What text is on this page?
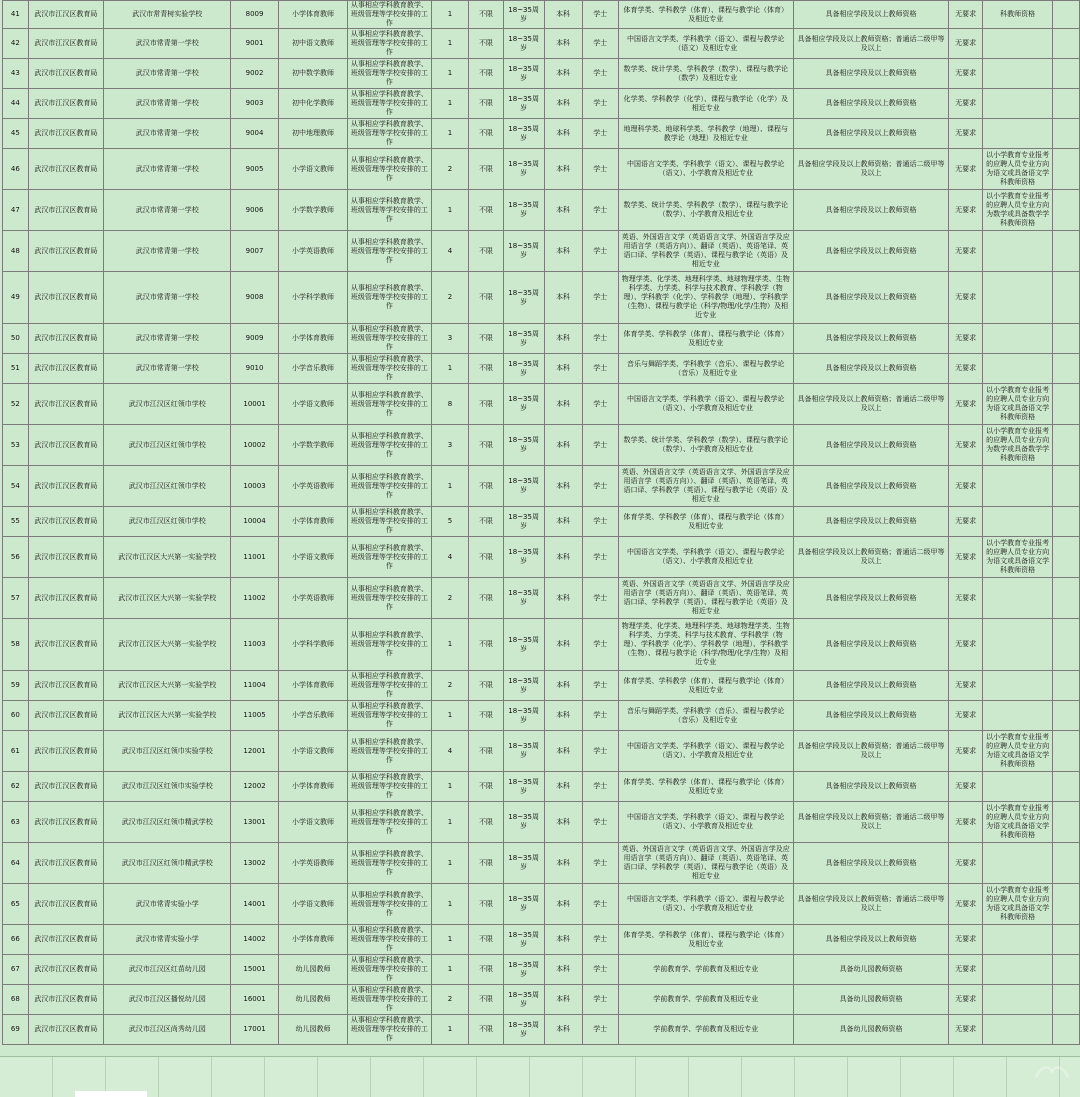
41	武汉市江汉区教育局	武汉市常青树实验学校	8009	小学体育教师	从事相应学科教育教学、班级管理等学校安排的工作	1	不限	18~35周岁	本科	学士	体育学类、学科教学（体育）、课程与教学论（体育）及相近专业	具备相应学段及以上教师资格	无要求	科教师资格	
42	武汉市江汉区教育局	武汉市常青第一学校	9001	初中语文教师	从事相应学科教育教学、班级管理等学校安排的工作	1	不限	18~35周岁	本科	学士	中国语言文学类、学科教学（语文）、课程与教学论（语文）及相近专业	具备相应学段及以上教师资格；普通话二级甲等及以上	无要求		
43	武汉市江汉区教育局	武汉市常青第一学校	9002	初中数学教师	从事相应学科教育教学、班级管理等学校安排的工作	1	不限	18~35周岁	本科	学士	数学类、统计学类、学科教学（数学）、课程与教学论（数学）及相近专业	具备相应学段及以上教师资格	无要求		
44	武汉市江汉区教育局	武汉市常青第一学校	9003	初中化学教师	从事相应学科教育教学、班级管理等学校安排的工作	1	不限	18~35周岁	本科	学士	化学类、学科教学（化学）、课程与教学论（化学）及相近专业	具备相应学段及以上教师资格	无要求		
45	武汉市江汉区教育局	武汉市常青第一学校	9004	初中地理教师	从事相应学科教育教学、班级管理等学校安排的工作	1	不限	18~35周岁	本科	学士	地理科学类、地球科学类、学科教学（地理）、课程与教学论（地理）及相近专业	具备相应学段及以上教师资格	无要求		
46	武汉市江汉区教育局	武汉市常青第一学校	9005	小学语文教师	从事相应学科教育教学、班级管理等学校安排的工作	2	不限	18~35周岁	本科	学士	中国语言文学类、学科教学（语文）、课程与教学论（语文）、小学教育及相近专业	具备相应学段及以上教师资格；普通话二级甲等及以上	无要求	以小学教育专业报考的应聘人员专业方向为语文或具备语文学科教师资格	
47	武汉市江汉区教育局	武汉市常青第一学校	9006	小学数学教师	从事相应学科教育教学、班级管理等学校安排的工作	1	不限	18~35周岁	本科	学士	数学类、统计学类、学科教学（数学）、课程与教学论（数学）、小学教育及相近专业	具备相应学段及以上教师资格	无要求	以小学教育专业报考的应聘人员专业方向为数学或具备数学学科教师资格	
48	武汉市江汉区教育局	武汉市常青第一学校	9007	小学英语教师	从事相应学科教育教学、班级管理等学校安排的工作	4	不限	18~35周岁	本科	学士	英语、外国语言文学（英语语言文学、外国语言学及应用语言学（英语方向））、翻译（英语）、英语笔译、英语口译、学科教学（英语）、课程与教学论（英语）及相近专业	具备相应学段及以上教师资格	无要求		
49	武汉市江汉区教育局	武汉市常青第一学校	9008	小学科学教师	从事相应学科教育教学、班级管理等学校安排的工作	2	不限	18~35周岁	本科	学士	物理学类、化学类、地理科学类、地球物理学类、生物科学类、力学类、科学与技术教育、学科教学（物理）、学科教学（化学）、学科教学（地理）、学科教学（生物）、课程与教学论（科学/物理/化学/生物）及相近专业	具备相应学段及以上教师资格	无要求		
50	武汉市江汉区教育局	武汉市常青第一学校	9009	小学体育教师	从事相应学科教育教学、班级管理等学校安排的工作	3	不限	18~35周岁	本科	学士	体育学类、学科教学（体育）、课程与教学论（体育）及相近专业	具备相应学段及以上教师资格	无要求		
51	武汉市江汉区教育局	武汉市常青第一学校	9010	小学音乐教师	从事相应学科教育教学、班级管理等学校安排的工作	1	不限	18~35周岁	本科	学士	音乐与舞蹈学类、学科教学（音乐）、课程与教学论（音乐）及相近专业	具备相应学段及以上教师资格	无要求		
52	武汉市江汉区教育局	武汉市江汉区红领巾学校	10001	小学语文教师	从事相应学科教育教学、班级管理等学校安排的工作	8	不限	18~35周岁	本科	学士	中国语言文学类、学科教学（语文）、课程与教学论（语文）、小学教育及相近专业	具备相应学段及以上教师资格；普通话二级甲等及以上	无要求	以小学教育专业报考的应聘人员专业方向为语文或具备语文学科教师资格	
53	武汉市江汉区教育局	武汉市江汉区红领巾学校	10002	小学数学教师	从事相应学科教育教学、班级管理等学校安排的工作	3	不限	18~35周岁	本科	学士	数学类、统计学类、学科教学（数学）、课程与教学论（数学）、小学教育及相近专业	具备相应学段及以上教师资格	无要求	以小学教育专业报考的应聘人员专业方向为数学或具备数学学科教师资格	
54	武汉市江汉区教育局	武汉市江汉区红领巾学校	10003	小学英语教师	从事相应学科教育教学、班级管理等学校安排的工作	1	不限	18~35周岁	本科	学士	英语、外国语言文学（英语语言文学、外国语言学及应用语言学（英语方向））、翻译（英语）、英语笔译、英语口译、学科教学（英语）、课程与教学论（英语）及相近专业	具备相应学段及以上教师资格	无要求		
55	武汉市江汉区教育局	武汉市江汉区红领巾学校	10004	小学体育教师	从事相应学科教育教学、班级管理等学校安排的工作	5	不限	18~35周岁	本科	学士	体育学类、学科教学（体育）、课程与教学论（体育）及相近专业	具备相应学段及以上教师资格	无要求		
56	武汉市江汉区教育局	武汉市江汉区大兴第一实验学校	11001	小学语文教师	从事相应学科教育教学、班级管理等学校安排的工作	4	不限	18~35周岁	本科	学士	中国语言文学类、学科教学（语文）、课程与教学论（语文）、小学教育及相近专业	具备相应学段及以上教师资格；普通话二级甲等及以上	无要求	以小学教育专业报考的应聘人员专业方向为语文或具备语文学科教师资格	
57	武汉市江汉区教育局	武汉市江汉区大兴第一实验学校	11002	小学英语教师	从事相应学科教育教学、班级管理等学校安排的工作	2	不限	18~35周岁	本科	学士	英语、外国语言文学（英语语言文学、外国语言学及应用语言学（英语方向））、翻译（英语）、英语笔译、英语口译、学科教学（英语）、课程与教学论（英语）及相近专业	具备相应学段及以上教师资格	无要求		
58	武汉市江汉区教育局	武汉市江汉区大兴第一实验学校	11003	小学科学教师	从事相应学科教育教学、班级管理等学校安排的工作	1	不限	18~35周岁	本科	学士	物理学类、化学类、地理科学类、地球物理学类、生物科学类、力学类、科学与技术教育、学科教学（物理）、学科教学（化学）、学科教学（地理）、学科教学（生物）、课程与教学论（科学/物理/化学/生物）及相近专业	具备相应学段及以上教师资格	无要求		
59	武汉市江汉区教育局	武汉市江汉区大兴第一实验学校	11004	小学体育教师	从事相应学科教育教学、班级管理等学校安排的工作	2	不限	18~35周岁	本科	学士	体育学类、学科教学（体育）、课程与教学论（体育）及相近专业	具备相应学段及以上教师资格	无要求		
60	武汉市江汉区教育局	武汉市江汉区大兴第一实验学校	11005	小学音乐教师	从事相应学科教育教学、班级管理等学校安排的工作	1	不限	18~35周岁	本科	学士	音乐与舞蹈学类、学科教学（音乐）、课程与教学论（音乐）及相近专业	具备相应学段及以上教师资格	无要求		
61	武汉市江汉区教育局	武汉市江汉区红领巾实验学校	12001	小学语文教师	从事相应学科教育教学、班级管理等学校安排的工作	4	不限	18~35周岁	本科	学士	中国语言文学类、学科教学（语文）、课程与教学论（语文）、小学教育及相近专业	具备相应学段及以上教师资格；普通话二级甲等及以上	无要求	以小学教育专业报考的应聘人员专业方向为语文或具备语文学科教师资格	
62	武汉市江汉区教育局	武汉市江汉区红领巾实验学校	12002	小学体育教师	从事相应学科教育教学、班级管理等学校安排的工作	1	不限	18~35周岁	本科	学士	体育学类、学科教学（体育）、课程与教学论（体育）及相近专业	具备相应学段及以上教师资格	无要求		
63	武汉市江汉区教育局	武汉市江汉区红领巾精武学校	13001	小学语文教师	从事相应学科教育教学、班级管理等学校安排的工作	1	不限	18~35周岁	本科	学士	中国语言文学类、学科教学（语文）、课程与教学论（语文）、小学教育及相近专业	具备相应学段及以上教师资格；普通话二级甲等及以上	无要求	以小学教育专业报考的应聘人员专业方向为语文或具备语文学科教师资格	
64	武汉市江汉区教育局	武汉市江汉区红领巾精武学校	13002	小学英语教师	从事相应学科教育教学、班级管理等学校安排的工作	1	不限	18~35周岁	本科	学士	英语、外国语言文学（英语语言文学、外国语言学及应用语言学（英语方向））、翻译（英语）、英语笔译、英语口译、学科教学（英语）、课程与教学论（英语）及相近专业	具备相应学段及以上教师资格	无要求		
65	武汉市江汉区教育局	武汉市常青实验小学	14001	小学语文教师	从事相应学科教育教学、班级管理等学校安排的工作	1	不限	18~35周岁	本科	学士	中国语言文学类、学科教学（语文）、课程与教学论（语文）、小学教育及相近专业	具备相应学段及以上教师资格；普通话二级甲等及以上	无要求	以小学教育专业报考的应聘人员专业方向为语文或具备语文学科教师资格	
66	武汉市江汉区教育局	武汉市常青实验小学	14002	小学体育教师	从事相应学科教育教学、班级管理等学校安排的工作	1	不限	18~35周岁	本科	学士	体育学类、学科教学（体育）、课程与教学论（体育）及相近专业	具备相应学段及以上教师资格	无要求		
67	武汉市江汉区教育局	武汉市江汉区红苗幼儿园	15001	幼儿园教师	从事相应学科教育教学、班级管理等学校安排的工作	1	不限	18~35周岁	本科	学士	学前教育学、学前教育及相近专业	具备幼儿园教师资格	无要求		
68	武汉市江汉区教育局	武汉市江汉区播悦幼儿园	16001	幼儿园教师	从事相应学科教育教学、班级管理等学校安排的工作	2	不限	18~35周岁	本科	学士	学前教育学、学前教育及相近专业	具备幼儿园教师资格	无要求		
69	武汉市江汉区教育局	武汉市江汉区尚秀幼儿园	17001	幼儿园教师	从事相应学科教育教学、班级管理等学校安排的工作	1	不限	18~35周岁	本科	学士	学前教育学、学前教育及相近专业	具备幼儿园教师资格	无要求		
